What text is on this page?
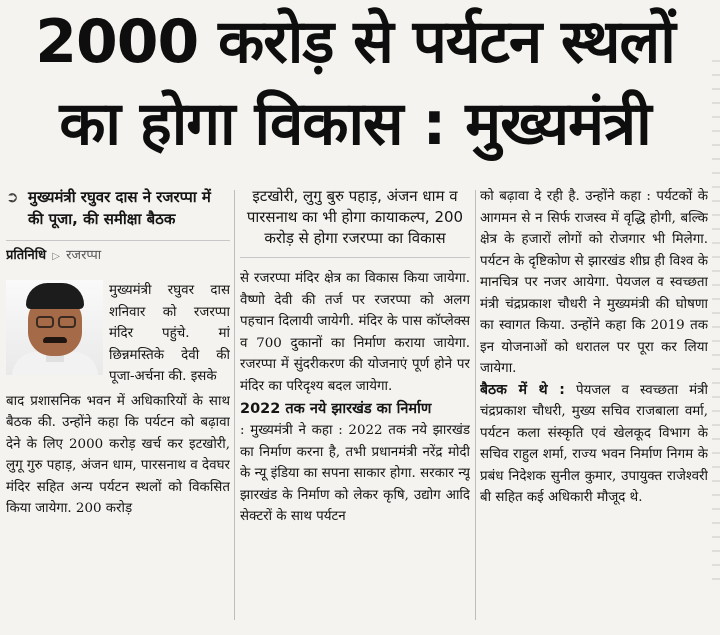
2000 करोड़ से पर्यटन स्थलों
का होगा विकास : मुख्यमंत्री

➲ मुख्यमंत्री रघुवर दास ने रजरप्पा में की पूजा, की समीक्षा बैठक

प्रतिनिधि ▷ रजरप्पा

मुख्यमंत्री रघुवर दास शनिवार को रजरप्पा मंदिर पहुंचे. मां छिन्नमस्तिके देवी की पूजा-अर्चना की. इसके

बाद प्रशासनिक भवन में अधिकारियों के साथ बैठक की. उन्होंने कहा कि पर्यटन को बढ़ावा देने के लिए 2000 करोड़ खर्च कर इटखोरी, लुगू गुरु पहाड़, अंजन धाम, पारसनाथ व देवघर मंदिर सहित अन्य पर्यटन स्थलों को विकसित किया जायेगा. 200 करोड़

इटखोरी, लुगु बुरु पहाड़, अंजन धाम व पारसनाथ का भी होगा कायाकल्प, 200 करोड़ से होगा रजरप्पा का विकास

से रजरप्पा मंदिर क्षेत्र का विकास किया जायेगा. वैष्णो देवी की तर्ज पर रजरप्पा को अलग पहचान दिलायी जायेगी. मंदिर के पास कॉप्लेक्स व 700 दुकानों का निर्माण कराया जायेगा. रजरप्पा में सुंदरीकरण की योजनाएं पूर्ण होने पर मंदिर का परिदृश्य बदल जायेगा.

2022 तक नये झारखंड का निर्माण

: मुख्यमंत्री ने कहा : 2022 तक नये झारखंड का निर्माण करना है, तभी प्रधानमंत्री नरेंद्र मोदी के न्यू इंडिया का सपना साकार होगा. सरकार न्यू झारखंड के निर्माण को लेकर कृषि, उद्योग आदि सेक्टरों के साथ पर्यटन

को बढ़ावा दे रही है. उन्होंने कहा : पर्यटकों के आगमन से न सिर्फ राजस्व में वृद्धि होगी, बल्कि क्षेत्र के हजारों लोगों को रोजगार भी मिलेगा. पर्यटन के दृष्टिकोण से झारखंड शीघ्र ही विश्व के मानचित्र पर नजर आयेगा. पेयजल व स्वच्छता मंत्री चंद्रप्रकाश चौधरी ने मुख्यमंत्री की घोषणा का स्वागत किया. उन्होंने कहा कि 2019 तक इन योजनाओं को धरातल पर पूरा कर लिया जायेगा.

बैठक में थे : पेयजल व स्वच्छता मंत्री चंद्रप्रकाश चौधरी, मुख्य सचिव राजबाला वर्मा, पर्यटन कला संस्कृति एवं खेलकूद विभाग के सचिव राहुल शर्मा, राज्य भवन निर्माण निगम के प्रबंध निदेशक सुनील कुमार, उपायुक्त राजेश्वरी बी सहित कई अधिकारी मौजूद थे.
